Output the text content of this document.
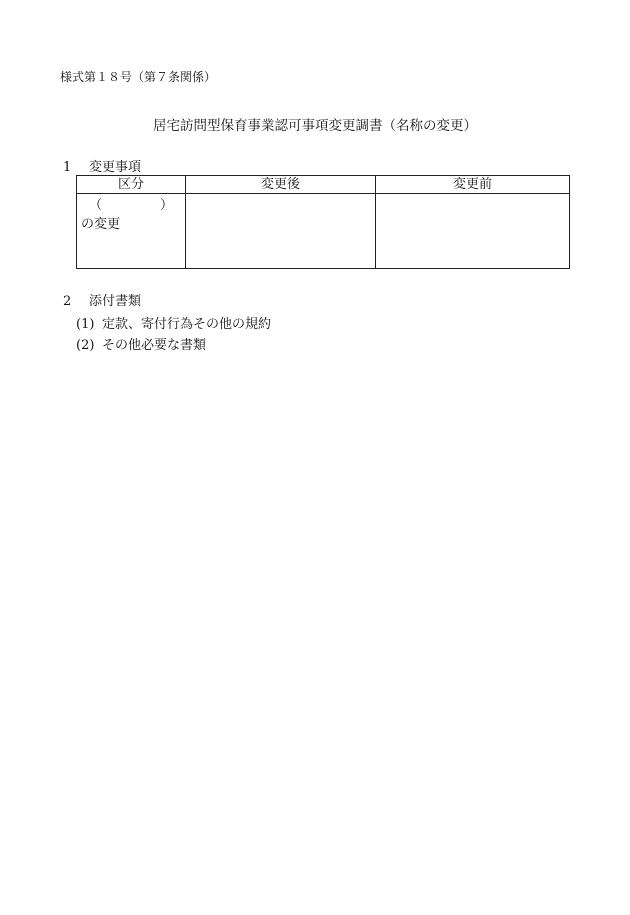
様式第１８号（第７条関係）
居宅訪問型保育事業認可事項変更調書（名称の変更）
1 変更事項
区分	変更後	変更前

（ ）
の変更		

2 添付書類
(1) 定款、寄付行為その他の規約
(2) その他必要な書類
